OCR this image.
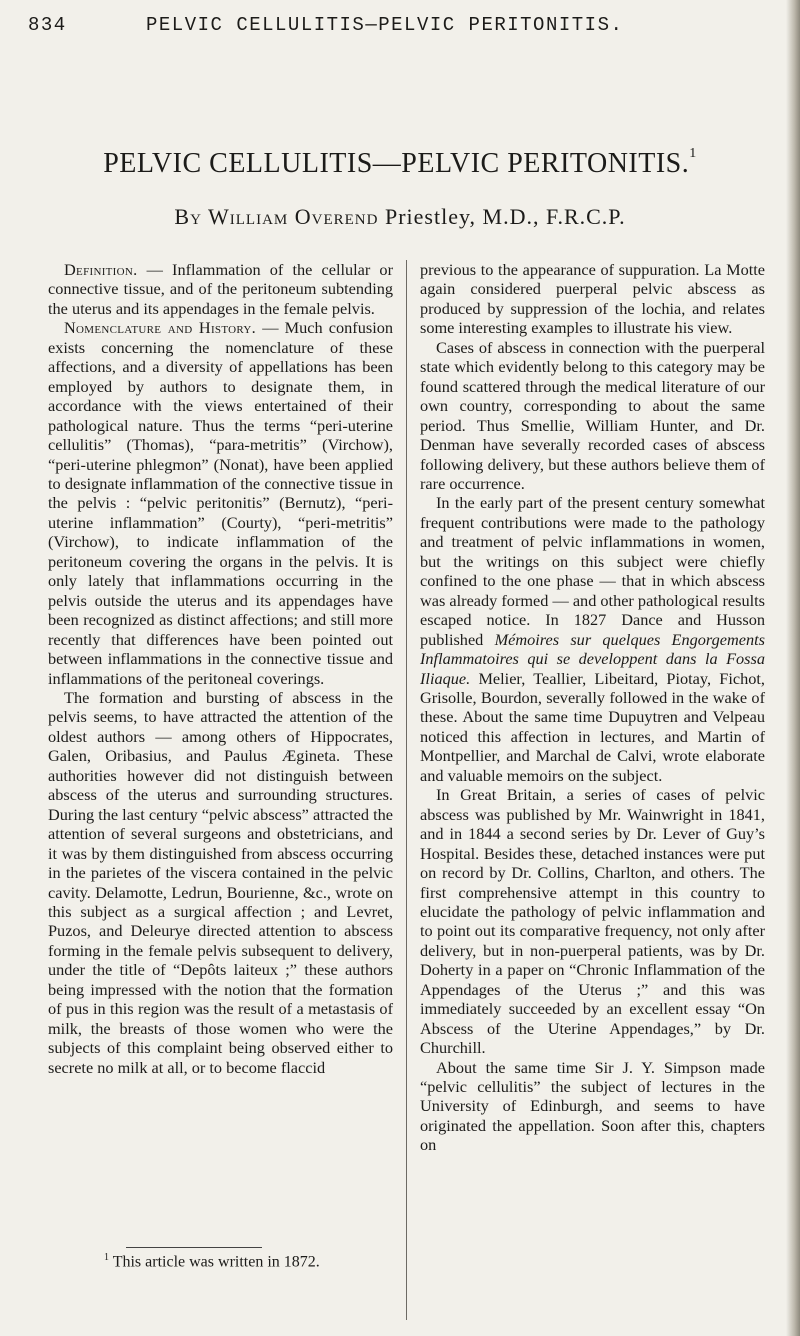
834	PELVIC CELLULITIS—PELVIC PERITONITIS.
PELVIC CELLULITIS—PELVIC PERITONITIS.$^1$
By William Overend Priestley, M.D., F.R.C.P.

Definition. — Inflammation of the cellular or connective tissue, and of the peritoneum subtending the uterus and its appendages in the female pelvis.

Nomenclature and History. — Much confusion exists concerning the nomenclature of these affections, and a diversity of appellations has been employed by authors to designate them, in accordance with the views entertained of their pathological nature. Thus the terms “peri-uterine cellulitis” (Thomas), “para-metritis” (Virchow), “peri-uterine phlegmon” (Nonat), have been applied to designate inflammation of the connective tissue in the pelvis : “pelvic peritonitis” (Bernutz), “peri-uterine inflammation” (Courty), “peri-metritis” (Virchow), to indicate inflammation of the peritoneum covering the organs in the pelvis. It is only lately that inflammations occurring in the pelvis outside the uterus and its appendages have been recognized as distinct affections; and still more recently that differences have been pointed out between inflammations in the connective tissue and inflammations of the peritoneal coverings.

The formation and bursting of abscess in the pelvis seems, to have attracted the attention of the oldest authors — among others of Hippocrates, Galen, Oribasius, and Paulus Ægineta. These authorities however did not distinguish between abscess of the uterus and surrounding structures. During the last century “pelvic abscess” attracted the attention of several surgeons and obstetricians, and it was by them distinguished from abscess occurring in the parietes of the viscera contained in the pelvic cavity. Delamotte, Ledrun, Bourienne, &c., wrote on this subject as a surgical affection ; and Levret, Puzos, and Deleurye directed attention to abscess forming in the female pelvis subsequent to delivery, under the title of “Depôts laiteux ;” these authors being impressed with the notion that the formation of pus in this region was the result of a metastasis of milk, the breasts of those women who were the subjects of this complaint being observed either to secrete no milk at all, or to become flaccid

previous to the appearance of suppuration. La Motte again considered puerperal pelvic abscess as produced by suppression of the lochia, and relates some interesting examples to illustrate his view.

Cases of abscess in connection with the puerperal state which evidently belong to this category may be found scattered through the medical literature of our own country, corresponding to about the same period. Thus Smellie, William Hunter, and Dr. Denman have severally recorded cases of abscess following delivery, but these authors believe them of rare occurrence.

In the early part of the present century somewhat frequent contributions were made to the pathology and treatment of pelvic inflammations in women, but the writings on this subject were chiefly confined to the one phase — that in which abscess was already formed — and other pathological results escaped notice. In 1827 Dance and Husson published Mémoires sur quelques Engorgements Inflammatoires qui se developpent dans la Fossa Iliaque. Melier, Teallier, Libeitard, Piotay, Fichot, Grisolle, Bourdon, severally followed in the wake of these. About the same time Dupuytren and Velpeau noticed this affection in lectures, and Martin of Montpellier, and Marchal de Calvi, wrote elaborate and valuable memoirs on the subject.

In Great Britain, a series of cases of pelvic abscess was published by Mr. Wainwright in 1841, and in 1844 a second series by Dr. Lever of Guy’s Hospital. Besides these, detached instances were put on record by Dr. Collins, Charlton, and others. The first comprehensive attempt in this country to elucidate the pathology of pelvic inflammation and to point out its comparative frequency, not only after delivery, but in non-puerperal patients, was by Dr. Doherty in a paper on “Chronic Inflammation of the Appendages of the Uterus ;” and this was immediately succeeded by an excellent essay “On Abscess of the Uterine Appendages,” by Dr. Churchill.

About the same time Sir J. Y. Simpson made “pelvic cellulitis” the subject of lectures in the University of Edinburgh, and seems to have originated the appellation. Soon after this, chapters on

$^1$ This article was written in 1872.
